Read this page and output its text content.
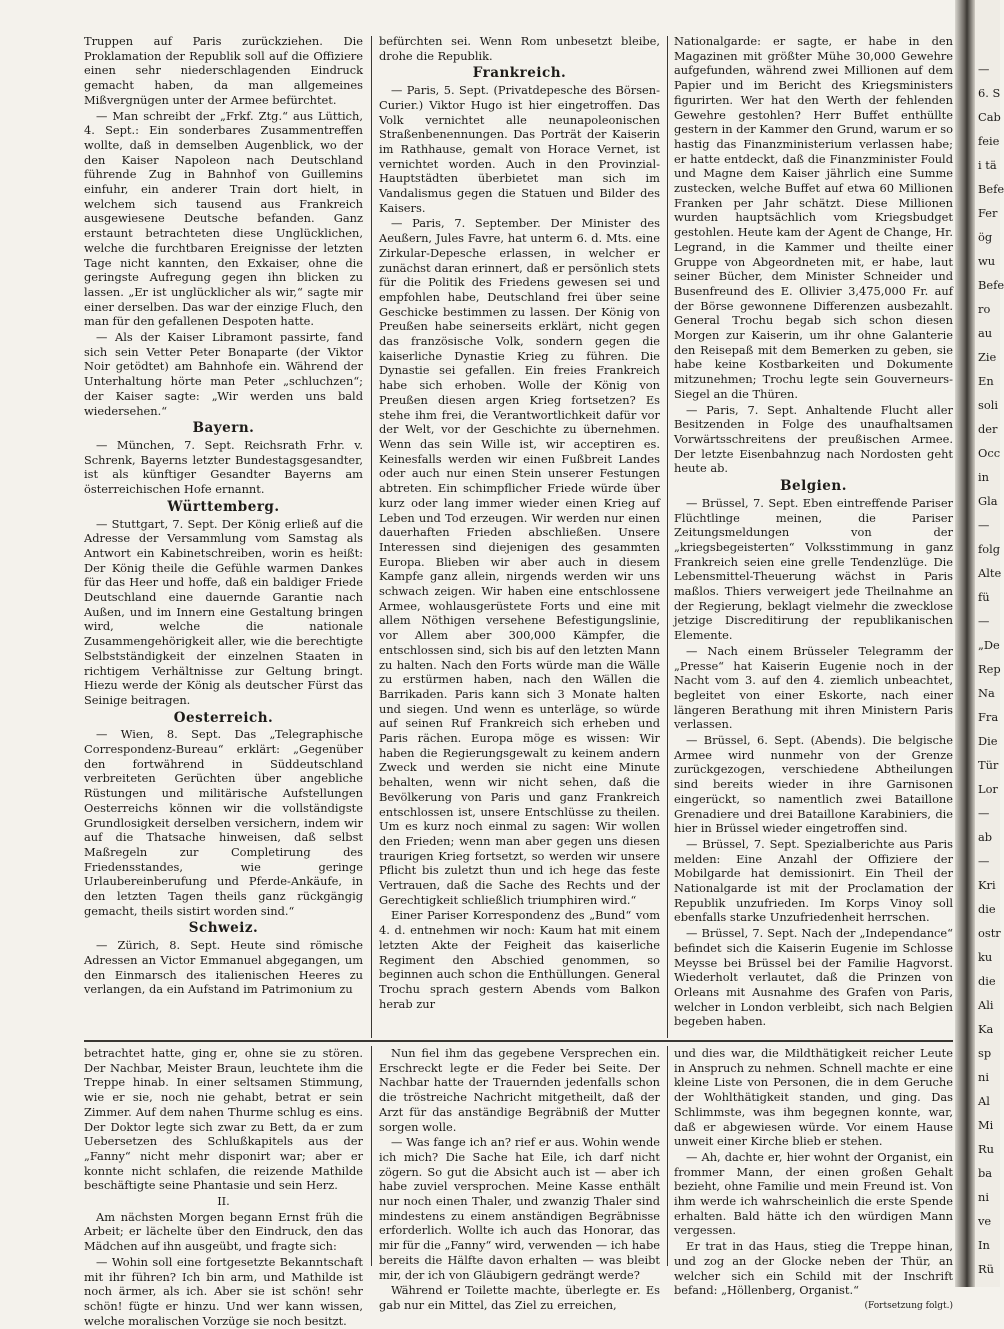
Truppen auf Paris zurückziehen. Die Proklamation der Republik soll auf die Offiziere einen sehr niederschlagenden Eindruck gemacht haben, da man allgemeines Mißvergnügen unter der Armee befürchtet.

— Man schreibt der „Frkf. Ztg.“ aus Lüttich, 4. Sept.: Ein sonderbares Zusammentreffen wollte, daß in demselben Augenblick, wo der den Kaiser Napoleon nach Deutschland führende Zug in Bahnhof von Guillemins einfuhr, ein anderer Train dort hielt, in welchem sich tausend aus Frankreich ausgewiesene Deutsche befanden. Ganz erstaunt betrachteten diese Unglücklichen, welche die furchtbaren Ereignisse der letzten Tage nicht kannten, den Exkaiser, ohne die geringste Aufregung gegen ihn blicken zu lassen. „Er ist unglücklicher als wir,“ sagte mir einer derselben. Das war der einzige Fluch, den man für den gefallenen Despoten hatte.

— Als der Kaiser Libramont passirte, fand sich sein Vetter Peter Bonaparte (der Viktor Noir getödtet) am Bahnhofe ein. Während der Unterhaltung hörte man Peter „schluchzen“; der Kaiser sagte: „Wir werden uns bald wiedersehen.“

Bayern.

— München, 7. Sept. Reichsrath Frhr. v. Schrenk, Bayerns letzter Bundestagsgesandter, ist als künftiger Gesandter Bayerns am österreichischen Hofe ernannt.

Württemberg.

— Stuttgart, 7. Sept. Der König erließ auf die Adresse der Versammlung vom Samstag als Antwort ein Kabinetschreiben, worin es heißt: Der König theile die Gefühle warmen Dankes für das Heer und hoffe, daß ein baldiger Friede Deutschland eine dauernde Garantie nach Außen, und im Innern eine Gestaltung bringen wird, welche die nationale Zusammengehörigkeit aller, wie die berechtigte Selbstständigkeit der einzelnen Staaten in richtigem Verhältnisse zur Geltung bringt. Hiezu werde der König als deutscher Fürst das Seinige beitragen.

Oesterreich.

— Wien, 8. Sept. Das „Telegraphische Correspondenz-Bureau“ erklärt: „Gegenüber den fortwährend in Süddeutschland verbreiteten Gerüchten über angebliche Rüstungen und militärische Aufstellungen Oesterreichs können wir die vollständigste Grundlosigkeit derselben versichern, indem wir auf die Thatsache hinweisen, daß selbst Maßregeln zur Completirung des Friedensstandes, wie geringe Urlaubereinberufung und Pferde-Ankäufe, in den letzten Tagen theils ganz rückgängig gemacht, theils sistirt worden sind.“

Schweiz.

— Zürich, 8. Sept. Heute sind römische Adressen an Victor Emmanuel abgegangen, um den Einmarsch des italienischen Heeres zu verlangen, da ein Aufstand im Patrimonium zu

befürchten sei. Wenn Rom unbesetzt bleibe, drohe die Republik.

Frankreich.

— Paris, 5. Sept. (Privatdepesche des Börsen-Curier.) Viktor Hugo ist hier eingetroffen. Das Volk vernichtet alle neunapoleonischen Straßenbenennungen. Das Porträt der Kaiserin im Rathhause, gemalt von Horace Vernet, ist vernichtet worden. Auch in den Provinzial-Hauptstädten überbietet man sich im Vandalismus gegen die Statuen und Bilder des Kaisers.

— Paris, 7. September. Der Minister des Aeußern, Jules Favre, hat unterm 6. d. Mts. eine Zirkular-Depesche erlassen, in welcher er zunächst daran erinnert, daß er persönlich stets für die Politik des Friedens gewesen sei und empfohlen habe, Deutschland frei über seine Geschicke bestimmen zu lassen. Der König von Preußen habe seinerseits erklärt, nicht gegen das französische Volk, sondern gegen die kaiserliche Dynastie Krieg zu führen. Die Dynastie sei gefallen. Ein freies Frankreich habe sich erhoben. Wolle der König von Preußen diesen argen Krieg fortsetzen? Es stehe ihm frei, die Verantwortlichkeit dafür vor der Welt, vor der Geschichte zu übernehmen. Wenn das sein Wille ist, wir acceptiren es. Keinesfalls werden wir einen Fußbreit Landes oder auch nur einen Stein unserer Festungen abtreten. Ein schimpflicher Friede würde über kurz oder lang immer wieder einen Krieg auf Leben und Tod erzeugen. Wir werden nur einen dauerhaften Frieden abschließen. Unsere Interessen sind diejenigen des gesammten Europa. Blieben wir aber auch in diesem Kampfe ganz allein, nirgends werden wir uns schwach zeigen. Wir haben eine entschlossene Armee, wohlausgerüstete Forts und eine mit allem Nöthigen versehene Befestigungslinie, vor Allem aber 300,000 Kämpfer, die entschlossen sind, sich bis auf den letzten Mann zu halten. Nach den Forts würde man die Wälle zu erstürmen haben, nach den Wällen die Barrikaden. Paris kann sich 3 Monate halten und siegen. Und wenn es unterläge, so würde auf seinen Ruf Frankreich sich erheben und Paris rächen. Europa möge es wissen: Wir haben die Regierungsgewalt zu keinem andern Zweck und werden sie nicht eine Minute behalten, wenn wir nicht sehen, daß die Bevölkerung von Paris und ganz Frankreich entschlossen ist, unsere Entschlüsse zu theilen. Um es kurz noch einmal zu sagen: Wir wollen den Frieden; wenn man aber gegen uns diesen traurigen Krieg fortsetzt, so werden wir unsere Pflicht bis zuletzt thun und ich hege das feste Vertrauen, daß die Sache des Rechts und der Gerechtigkeit schließlich triumphiren wird.“

Einer Pariser Korrespondenz des „Bund“ vom 4. d. entnehmen wir noch: Kaum hat mit einem letzten Akte der Feigheit das kaiserliche Regiment den Abschied genommen, so beginnen auch schon die Enthüllungen. General Trochu sprach gestern Abends vom Balkon herab zur

Nationalgarde: er sagte, er habe in den Magazinen mit größter Mühe 30,000 Gewehre aufgefunden, während zwei Millionen auf dem Papier und im Bericht des Kriegsministers figurirten. Wer hat den Werth der fehlenden Gewehre gestohlen? Herr Buffet enthüllte gestern in der Kammer den Grund, warum er so hastig das Finanzministerium verlassen habe; er hatte entdeckt, daß die Finanzminister Fould und Magne dem Kaiser jährlich eine Summe zustecken, welche Buffet auf etwa 60 Millionen Franken per Jahr schätzt. Diese Millionen wurden hauptsächlich vom Kriegsbudget gestohlen. Heute kam der Agent de Change, Hr. Legrand, in die Kammer und theilte einer Gruppe von Abgeordneten mit, er habe, laut seiner Bücher, dem Minister Schneider und Busenfreund des E. Ollivier 3,475,000 Fr. auf der Börse gewonnene Differenzen ausbezahlt. General Trochu begab sich schon diesen Morgen zur Kaiserin, um ihr ohne Galanterie den Reisepaß mit dem Bemerken zu geben, sie habe keine Kostbarkeiten und Dokumente mitzunehmen; Trochu legte sein Gouverneurs-Siegel an die Thüren.

— Paris, 7. Sept. Anhaltende Flucht aller Besitzenden in Folge des unaufhaltsamen Vorwärtsschreitens der preußischen Armee. Der letzte Eisenbahnzug nach Nordosten geht heute ab.

Belgien.

— Brüssel, 7. Sept. Eben eintreffende Pariser Flüchtlinge meinen, die Pariser Zeitungsmeldungen von der „kriegsbegeisterten“ Volksstimmung in ganz Frankreich seien eine grelle Tendenzlüge. Die Lebensmittel-Theuerung wächst in Paris maßlos. Thiers verweigert jede Theilnahme an der Regierung, beklagt vielmehr die zwecklose jetzige Discreditirung der republikanischen Elemente.

— Nach einem Brüsseler Telegramm der „Presse“ hat Kaiserin Eugenie noch in der Nacht vom 3. auf den 4. ziemlich unbeachtet, begleitet von einer Eskorte, nach einer längeren Berathung mit ihren Ministern Paris verlassen.

— Brüssel, 6. Sept. (Abends). Die belgische Armee wird nunmehr von der Grenze zurückgezogen, verschiedene Abtheilungen sind bereits wieder in ihre Garnisonen eingerückt, so namentlich zwei Bataillone Grenadiere und drei Bataillone Karabiniers, die hier in Brüssel wieder eingetroffen sind.

— Brüssel, 7. Sept. Spezialberichte aus Paris melden: Eine Anzahl der Offiziere der Mobilgarde hat demissionirt. Ein Theil der Nationalgarde ist mit der Proclamation der Republik unzufrieden. Im Korps Vinoy soll ebenfalls starke Unzufriedenheit herrschen.

— Brüssel, 7. Sept. Nach der „Independance“ befindet sich die Kaiserin Eugenie im Schlosse Meysse bei Brüssel bei der Familie Hagvorst. Wiederholt verlautet, daß die Prinzen von Orleans mit Ausnahme des Grafen von Paris, welcher in London verbleibt, sich nach Belgien begeben haben.

betrachtet hatte, ging er, ohne sie zu stören. Der Nachbar, Meister Braun, leuchtete ihm die Treppe hinab. In einer seltsamen Stimmung, wie er sie, noch nie gehabt, betrat er sein Zimmer. Auf dem nahen Thurme schlug es eins. Der Doktor legte sich zwar zu Bett, da er zum Uebersetzen des Schlußkapitels aus der „Fanny“ nicht mehr disponirt war; aber er konnte nicht schlafen, die reizende Mathilde beschäftigte seine Phantasie und sein Herz.

II.

Am nächsten Morgen begann Ernst früh die Arbeit; er lächelte über den Eindruck, den das Mädchen auf ihn ausgeübt, und fragte sich:

— Wohin soll eine fortgesetzte Bekanntschaft mit ihr führen? Ich bin arm, und Mathilde ist noch ärmer, als ich. Aber sie ist schön! sehr schön! fügte er hinzu. Und wer kann wissen, welche moralischen Vorzüge sie noch besitzt.

Nun fiel ihm das gegebene Versprechen ein. Erschreckt legte er die Feder bei Seite. Der Nachbar hatte der Trauernden jedenfalls schon die tröstreiche Nachricht mitgetheilt, daß der Arzt für das anständige Begräbniß der Mutter sorgen wolle.

— Was fange ich an? rief er aus. Wohin wende ich mich? Die Sache hat Eile, ich darf nicht zögern. So gut die Absicht auch ist — aber ich habe zuviel versprochen. Meine Kasse enthält nur noch einen Thaler, und zwanzig Thaler sind mindestens zu einem anständigen Begräbnisse erforderlich. Wollte ich auch das Honorar, das mir für die „Fanny“ wird, verwenden — ich habe bereits die Hälfte davon erhalten — was bleibt mir, der ich von Gläubigern gedrängt werde?

Während er Toilette machte, überlegte er. Es gab nur ein Mittel, das Ziel zu erreichen,

und dies war, die Mildthätigkeit reicher Leute in Anspruch zu nehmen. Schnell machte er eine kleine Liste von Personen, die in dem Geruche der Wohlthätigkeit standen, und ging. Das Schlimmste, was ihm begegnen konnte, war, daß er abgewiesen würde. Vor einem Hause unweit einer Kirche blieb er stehen.

— Ah, dachte er, hier wohnt der Organist, ein frommer Mann, der einen großen Gehalt bezieht, ohne Familie und mein Freund ist. Von ihm werde ich wahrscheinlich die erste Spende erhalten. Bald hätte ich den würdigen Mann vergessen.

Er trat in das Haus, stieg die Treppe hinan, und zog an der Glocke neben der Thür, an welcher sich ein Schild mit der Inschrift befand: „Höllenberg, Organist.“

(Fortsetzung folgt.)

—
6. S
Cab
feie
i tä
Befe
Fer
ög
wu
Befe
ro
au
Zie
En
soli
der
Occ
in
Gla
—
folg
Alte
fü
—
„De
Rep
Na
Fra
Die
Tür
Lor
—
ab
—
Kri
die
ostr
ku
die
Ali
Ka
sp
ni
Al
Mi
Ru
ba
ni
ve
In
Rü
